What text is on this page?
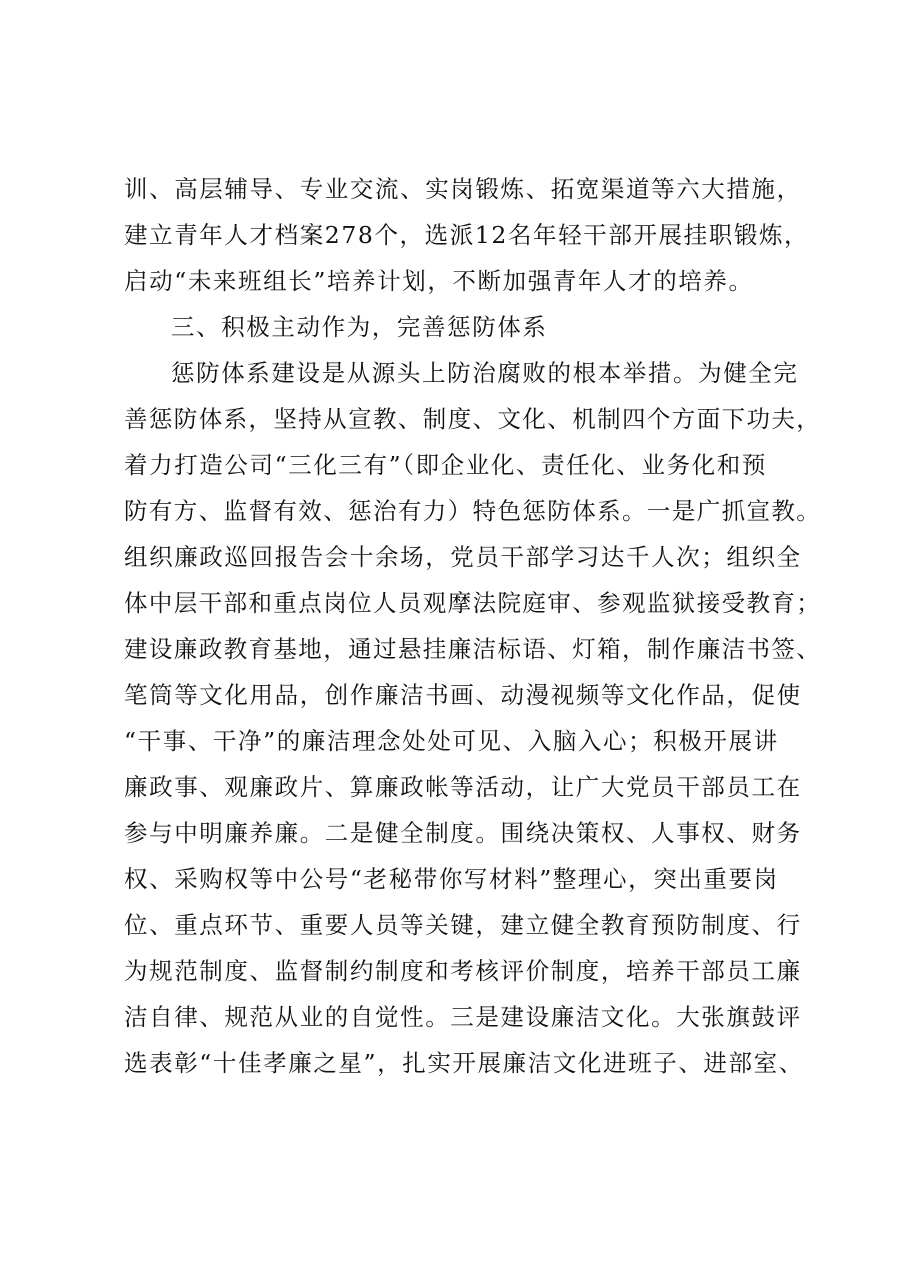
训、高层辅导、专业交流、实岗锻炼、拓宽渠道等六大措施，
建立青年人才档案278个，选派12名年轻干部开展挂职锻炼，
启动“未来班组长”培养计划，不断加强青年人才的培养。
三、积极主动作为，完善惩防体系
惩防体系建设是从源头上防治腐败的根本举措。为健全完
善惩防体系，坚持从宣教、制度、文化、机制四个方面下功夫，
着力打造公司“三化三有”（即企业化、责任化、业务化和预
防有方、监督有效、惩治有力）特色惩防体系。一是广抓宣教。
组织廉政巡回报告会十余场，党员干部学习达千人次；组织全
体中层干部和重点岗位人员观摩法院庭审、参观监狱接受教育；
建设廉政教育基地，通过悬挂廉洁标语、灯箱，制作廉洁书签、
笔筒等文化用品，创作廉洁书画、动漫视频等文化作品，促使
“干事、干净”的廉洁理念处处可见、入脑入心；积极开展讲
廉政事、观廉政片、算廉政帐等活动，让广大党员干部员工在
参与中明廉养廉。二是健全制度。围绕决策权、人事权、财务
权、采购权等中公号“老秘带你写材料”整理心，突出重要岗
位、重点环节、重要人员等关键，建立健全教育预防制度、行
为规范制度、监督制约制度和考核评价制度，培养干部员工廉
洁自律、规范从业的自觉性。三是建设廉洁文化。大张旗鼓评
选表彰“十佳孝廉之星”，扎实开展廉洁文化进班子、进部室、
